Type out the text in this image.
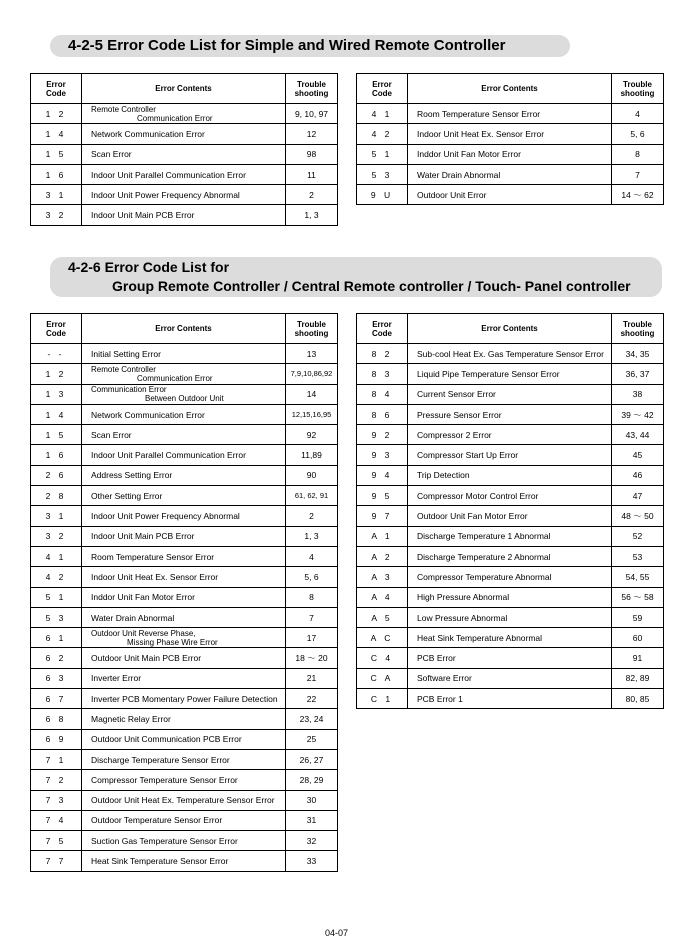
4-2-5 Error Code List for Simple and Wired Remote Controller
Error
Code	Error Contents	Trouble
shooting
1 2	Remote Controller
Communication Error	9, 10, 97
1 4	Network Communication Error	12
1 5	Scan Error	98
1 6	Indoor Unit Parallel Communication Error	11
3 1	Indoor Unit Power Frequency Abnormal	2
3 2	Indoor Unit Main PCB Error	1, 3
Error
Code	Error Contents	Trouble
shooting
4 1	Room Temperature Sensor Error	4
4 2	Indoor Unit Heat Ex. Sensor Error	5, 6
5 1	Inddor Unit Fan Motor Error	8
5 3	Water Drain Abnormal	7
9 U	Outdoor Unit Error	14 ～ 62
4-2-6 Error Code List for
Group Remote Controller / Central Remote controller / Touch- Panel controller
Error
Code	Error Contents	Trouble
shooting
- -	Initial Setting Error	13
1 2	Remote Controller
Communication Error	7,9,10,86,92
1 3	Communication Error
Between Outdoor Unit	14
1 4	Network Communication Error	12,15,16,95
1 5	Scan Error	92
1 6	Indoor Unit Parallel Communication Error	11,89
2 6	Address Setting Error	90
2 8	Other Setting Error	61, 62, 91
3 1	Indoor Unit Power Frequency Abnormal	2
3 2	Indoor Unit Main PCB Error	1, 3
4 1	Room Temperature Sensor Error	4
4 2	Indoor Unit Heat Ex. Sensor Error	5, 6
5 1	Inddor Unit Fan Motor Error	8
5 3	Water Drain Abnormal	7
6 1	Outdoor Unit Reverse Phase,
Missing Phase Wire Error	17
6 2	Outdoor Unit Main PCB Error	18 ～ 20
6 3	Inverter Error	21
6 7	Inverter PCB Momentary Power Failure Detection	22
6 8	Magnetic Relay Error	23, 24
6 9	Outdoor Unit Communication PCB Error	25
7 1	Discharge Temperature Sensor Error	26, 27
7 2	Compressor Temperature Sensor Error	28, 29
7 3	Outdoor Unit Heat Ex. Temperature Sensor Error	30
7 4	Outdoor Temperature Sensor Error	31
7 5	Suction Gas Temperature Sensor Error	32
7 7	Heat Sink Temperature Sensor Error	33
Error
Code	Error Contents	Trouble
shooting
8 2	Sub-cool Heat Ex. Gas Temperature Sensor Error	34, 35
8 3	Liquid Pipe Temperature Sensor Error	36, 37
8 4	Current Sensor Error	38
8 6	Pressure Sensor Error	39 ～ 42
9 2	Compressor 2 Error	43, 44
9 3	Compressor Start Up Error	45
9 4	Trip Detection	46
9 5	Compressor Motor Control Error	47
9 7	Outdoor Unit Fan Motor Error	48 ～ 50
A 1	Discharge Temperature 1 Abnormal	52
A 2	Discharge Temperature 2 Abnormal	53
A 3	Compressor Temperature Abnormal	54, 55
A 4	High Pressure Abnormal	56 ～ 58
A 5	Low Pressure Abnormal	59
A C	Heat Sink Temperature Abnormal	60
C 4	PCB Error	91
C A	Software Error	82, 89
C 1	PCB Error 1	80, 85
04-07
